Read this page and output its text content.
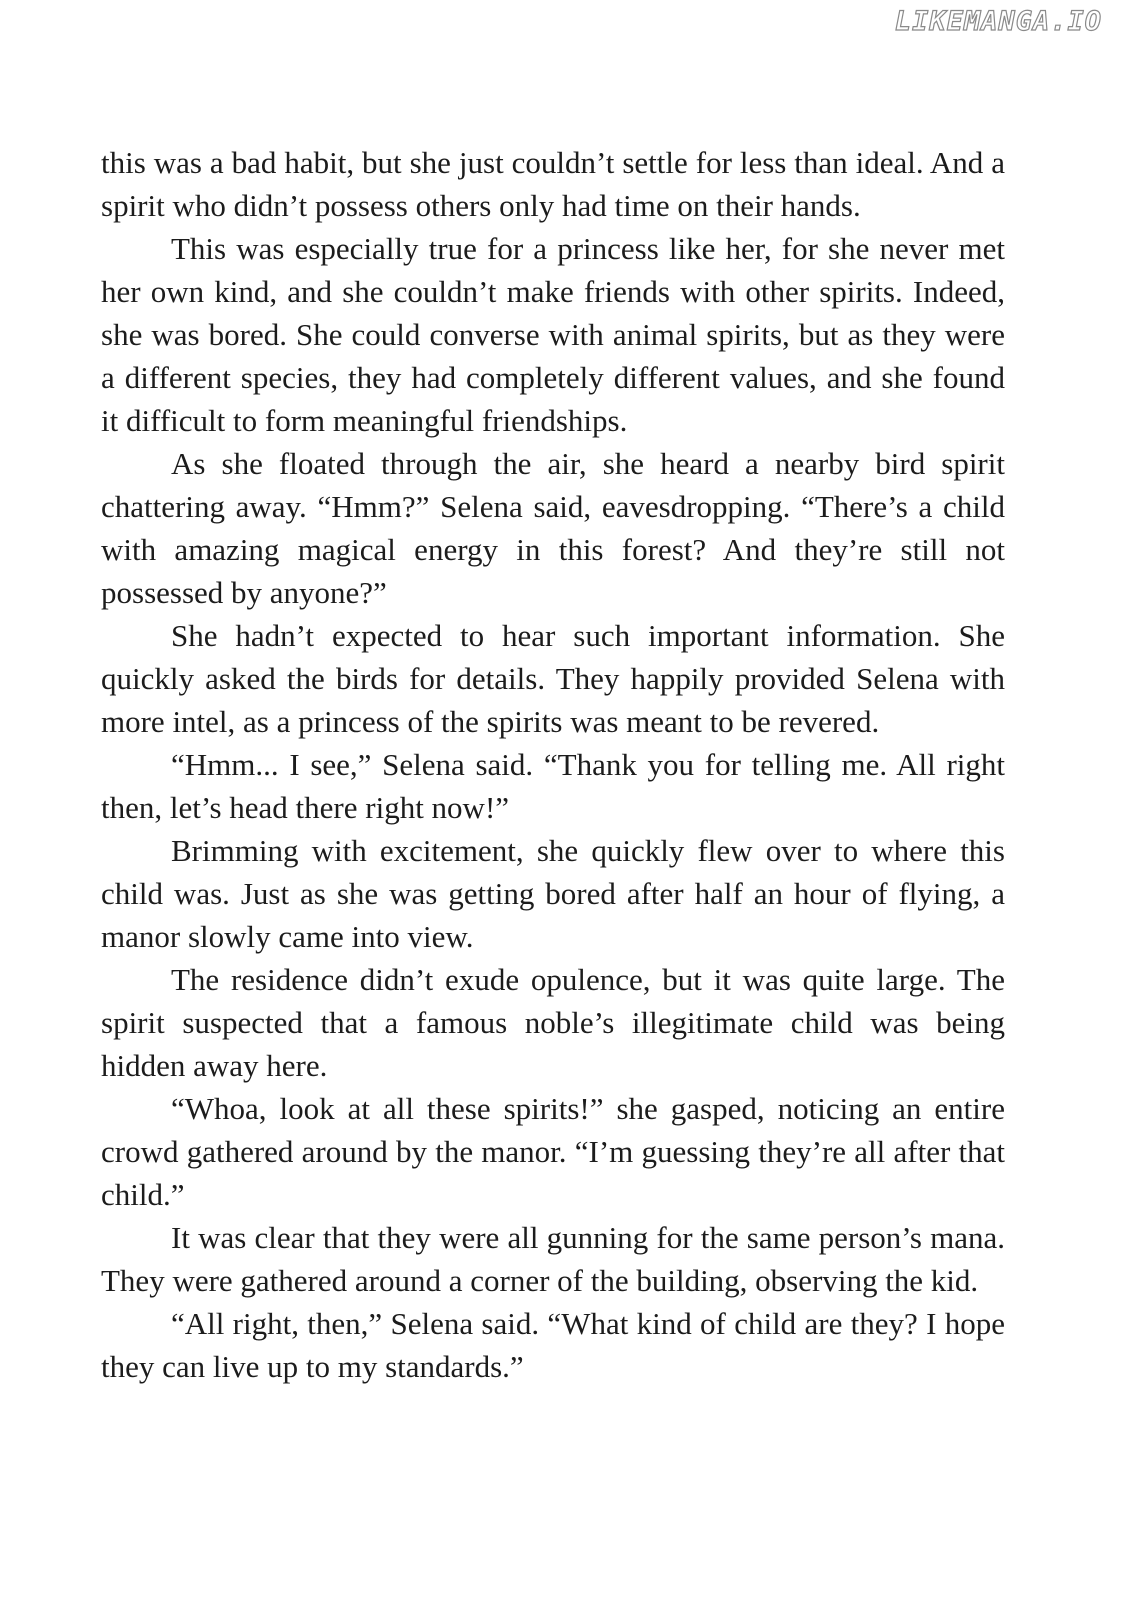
LIKEMANGA.IO

this was a bad habit, but she just couldn’t settle for less than ideal. And a spirit who didn’t possess others only had time on their hands.

This was especially true for a princess like her, for she never met her own kind, and she couldn’t make friends with other spirits. Indeed, she was bored. She could converse with animal spirits, but as they were a different species, they had completely different values, and she found it difficult to form meaningful friendships.

As she floated through the air, she heard a nearby bird spirit chattering away. “Hmm?” Selena said, eavesdropping. “There’s a child with amazing magical energy in this forest? And they’re still not possessed by anyone?”

She hadn’t expected to hear such important information. She quickly asked the birds for details. They happily provided Selena with more intel, as a princess of the spirits was meant to be revered.

“Hmm... I see,” Selena said. “Thank you for telling me. All right then, let’s head there right now!”

Brimming with excitement, she quickly flew over to where this child was. Just as she was getting bored after half an hour of flying, a manor slowly came into view.

The residence didn’t exude opulence, but it was quite large. The spirit suspected that a famous noble’s illegitimate child was being hidden away here.

“Whoa, look at all these spirits!” she gasped, noticing an entire crowd gathered around by the manor. “I’m guessing they’re all after that child.”

It was clear that they were all gunning for the same person’s mana. They were gathered around a corner of the building, observing the kid.

“All right, then,” Selena said. “What kind of child are they? I hope they can live up to my standards.”
